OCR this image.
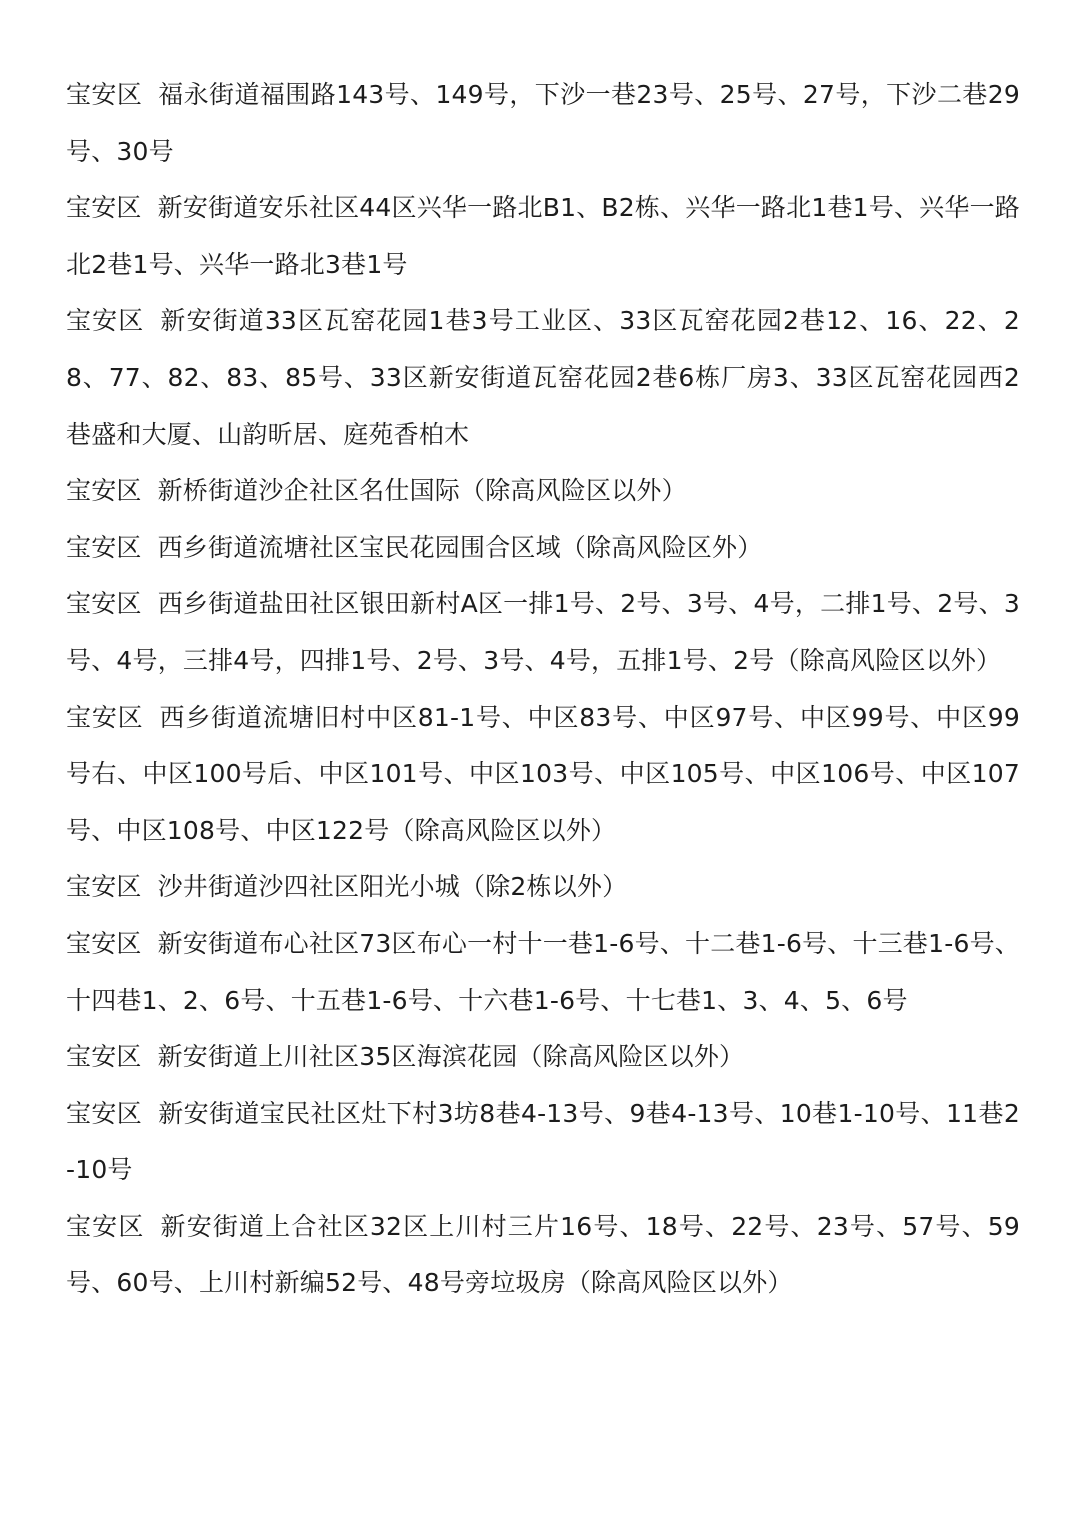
宝安区 福永街道福围路143号、149号，下沙一巷23号、25号、27号，下沙二巷29号、30号

宝安区 新安街道安乐社区44区兴华一路北B1、B2栋、兴华一路北1巷1号、兴华一路北2巷1号、兴华一路北3巷1号

宝安区 新安街道33区瓦窑花园1巷3号工业区、33区瓦窑花园2巷12、16、22、28、77、82、83、85号、33区新安街道瓦窑花园2巷6栋厂房3、33区瓦窑花园西2巷盛和大厦、山韵昕居、庭苑香柏木

宝安区 新桥街道沙企社区名仕国际（除高风险区以外）

宝安区 西乡街道流塘社区宝民花园围合区域（除高风险区外）

宝安区 西乡街道盐田社区银田新村A区一排1号、2号、3号、4号，二排1号、2号、3号、4号，三排4号，四排1号、2号、3号、4号，五排1号、2号（除高风险区以外）

宝安区 西乡街道流塘旧村中区81-1号、中区83号、中区97号、中区99号、中区99号右、中区100号后、中区101号、中区103号、中区105号、中区106号、中区107号、中区108号、中区122号（除高风险区以外）

宝安区 沙井街道沙四社区阳光小城（除2栋以外）

宝安区 新安街道布心社区73区布心一村十一巷1-6号、十二巷1-6号、十三巷1-6号、十四巷1、2、6号、十五巷1-6号、十六巷1-6号、十七巷1、3、4、5、6号

宝安区 新安街道上川社区35区海滨花园（除高风险区以外）

宝安区 新安街道宝民社区灶下村3坊8巷4-13号、9巷4-13号、10巷1-10号、11巷2-10号

宝安区 新安街道上合社区32区上川村三片16号、18号、22号、23号、57号、59号、60号、上川村新编52号、48号旁垃圾房（除高风险区以外）
